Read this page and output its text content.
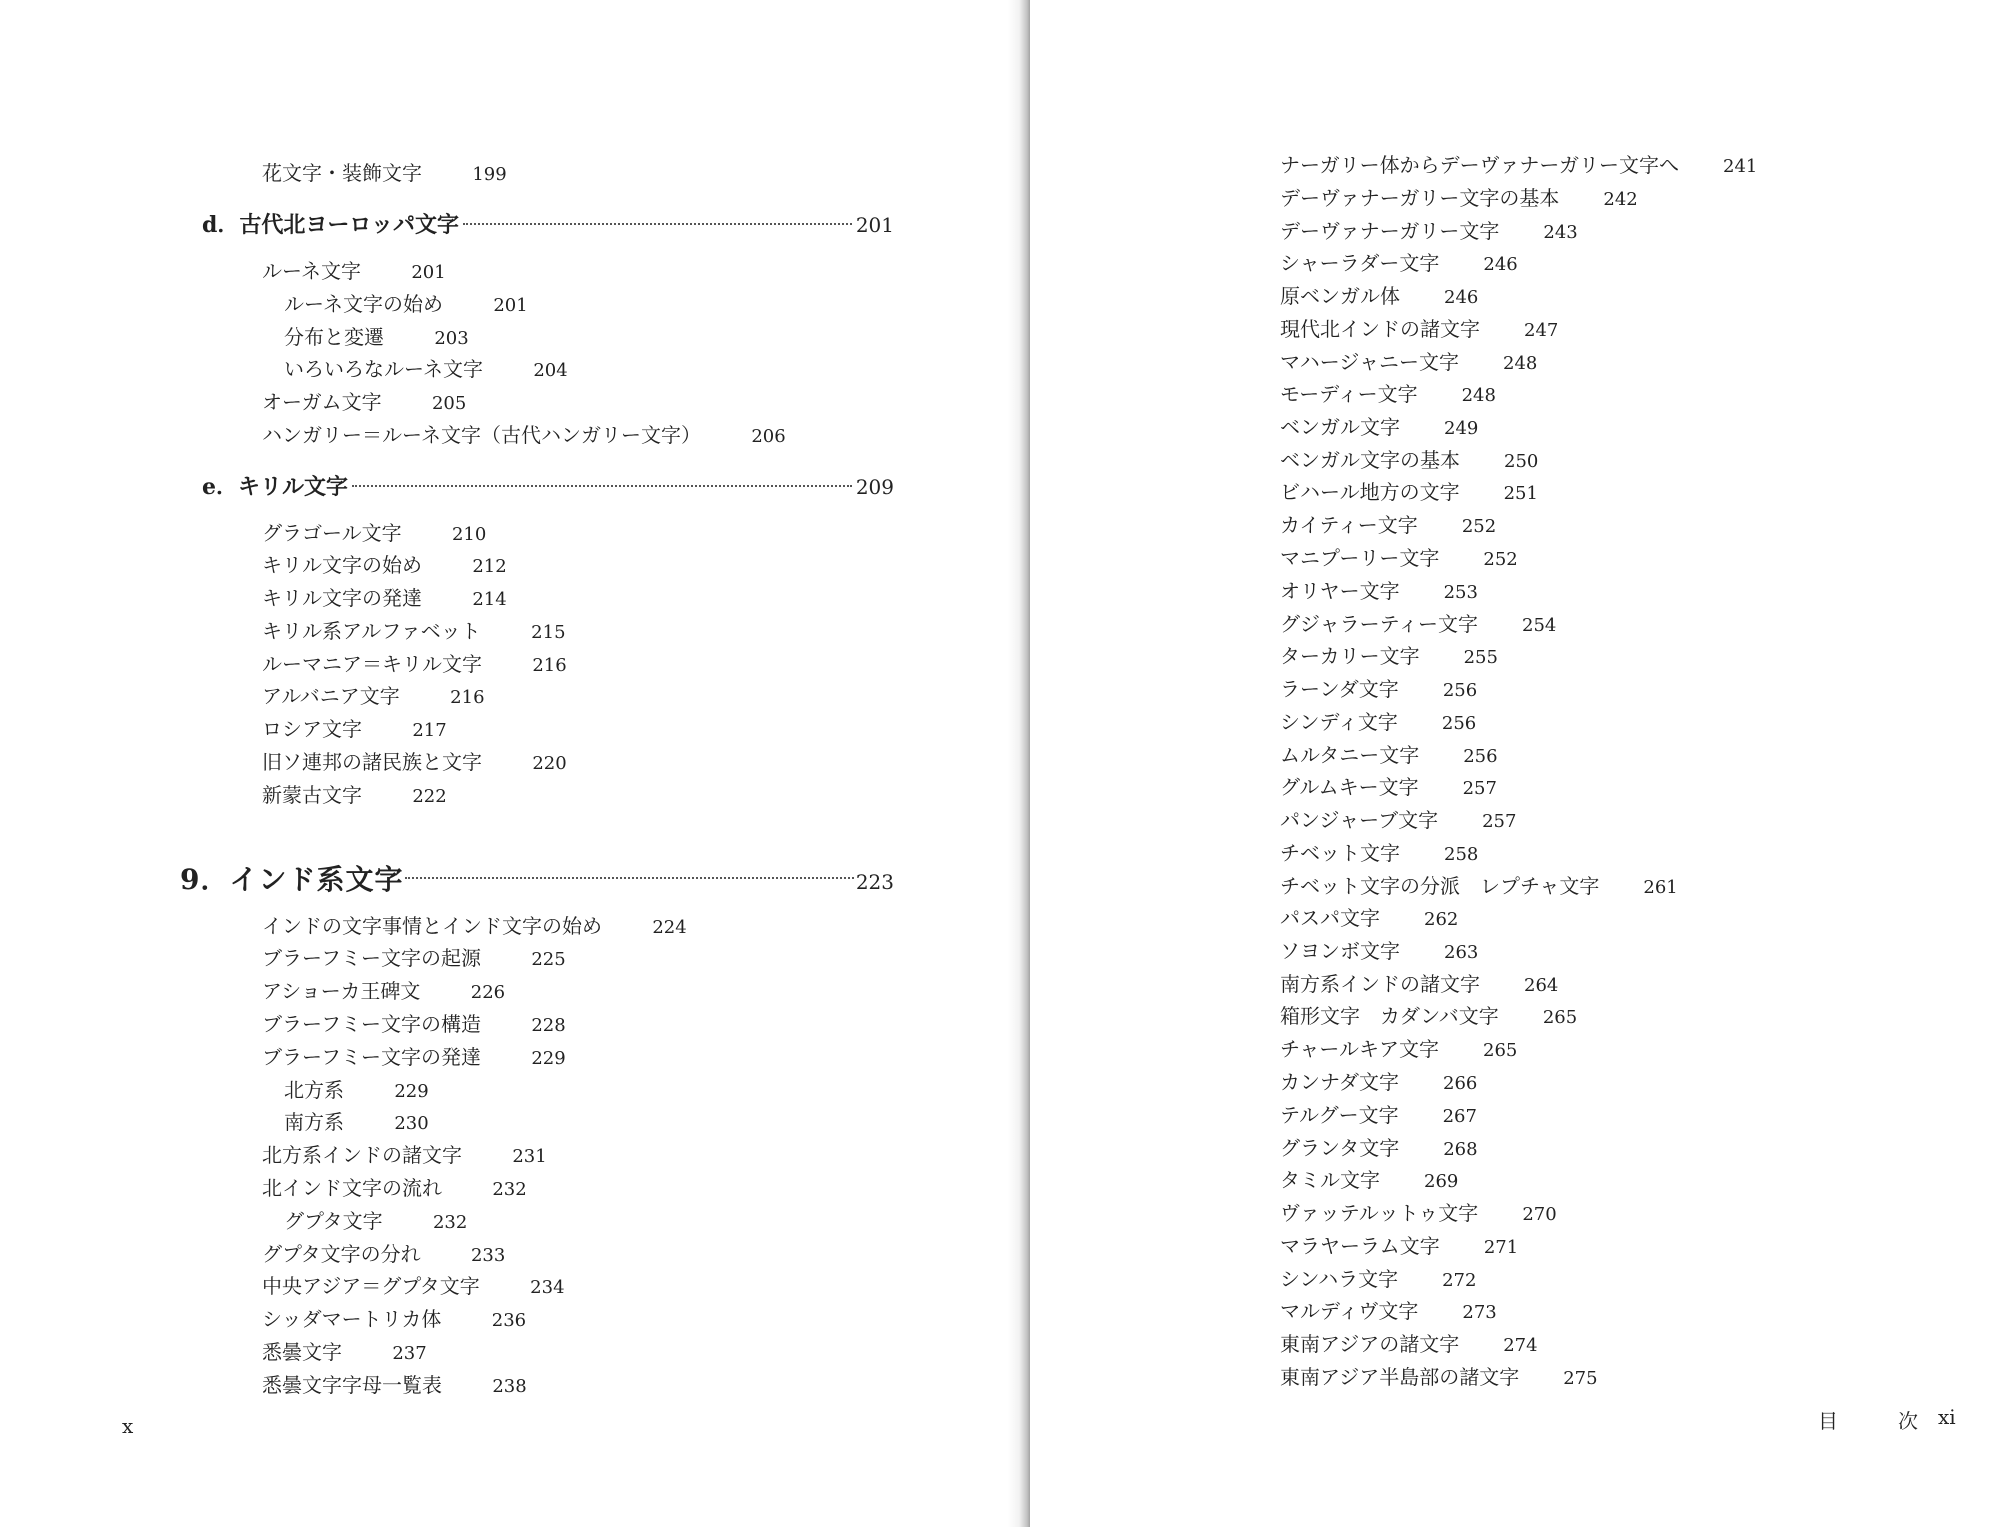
花文字・装飾文字	199
d．古代北ヨーロッパ文字	201
ルーネ文字	201
ルーネ文字の始め	201
分布と変遷	203
いろいろなルーネ文字	204
オーガム文字	205
ハンガリー＝ルーネ文字（古代ハンガリー文字）	206
e．キリル文字	209
グラゴール文字	210
キリル文字の始め	212
キリル文字の発達	214
キリル系アルファベット	215
ルーマニア＝キリル文字	216
アルバニア文字	216
ロシア文字	217
旧ソ連邦の諸民族と文字	220
新蒙古文字	222
9．インド系文字	223
インドの文字事情とインド文字の始め	224
ブラーフミー文字の起源	225
アショーカ王碑文	226
ブラーフミー文字の構造	228
ブラーフミー文字の発達	229
北方系	229
南方系	230
北方系インドの諸文字	231
北インド文字の流れ	232
グプタ文字	232
グプタ文字の分れ	233
中央アジア＝グプタ文字	234
シッダマートリカ体	236
悉曇文字	237
悉曇文字字母一覧表	238
x
ナーガリー体からデーヴァナーガリー文字へ 241
デーヴァナーガリー文字の基本 242
デーヴァナーガリー文字 243
シャーラダー文字 246
原ベンガル体 246
現代北インドの諸文字 247
マハージャニー文字 248
モーディー文字 248
ベンガル文字 249
ベンガル文字の基本 250
ビハール地方の文字 251
カイティー文字 252
マニプーリー文字 252
オリヤー文字 253
グジャラーティー文字 254
ターカリー文字 255
ラーンダ文字 256
シンディ文字 256
ムルタニー文字 256
グルムキー文字 257
パンジャーブ文字 257
チベット文字 258
チベット文字の分派　レプチャ文字 261
パスパ文字 262
ソヨンボ文字 263
南方系インドの諸文字 264
箱形文字　カダンバ文字 265
チャールキア文字 265
カンナダ文字 266
テルグー文字 267
グランタ文字 268
タミル文字 269
ヴァッテルットゥ文字 270
マラヤーラム文字 271
シンハラ文字 272
マルディヴ文字 273
東南アジアの諸文字 274
東南アジア半島部の諸文字 275
目	次 xi
